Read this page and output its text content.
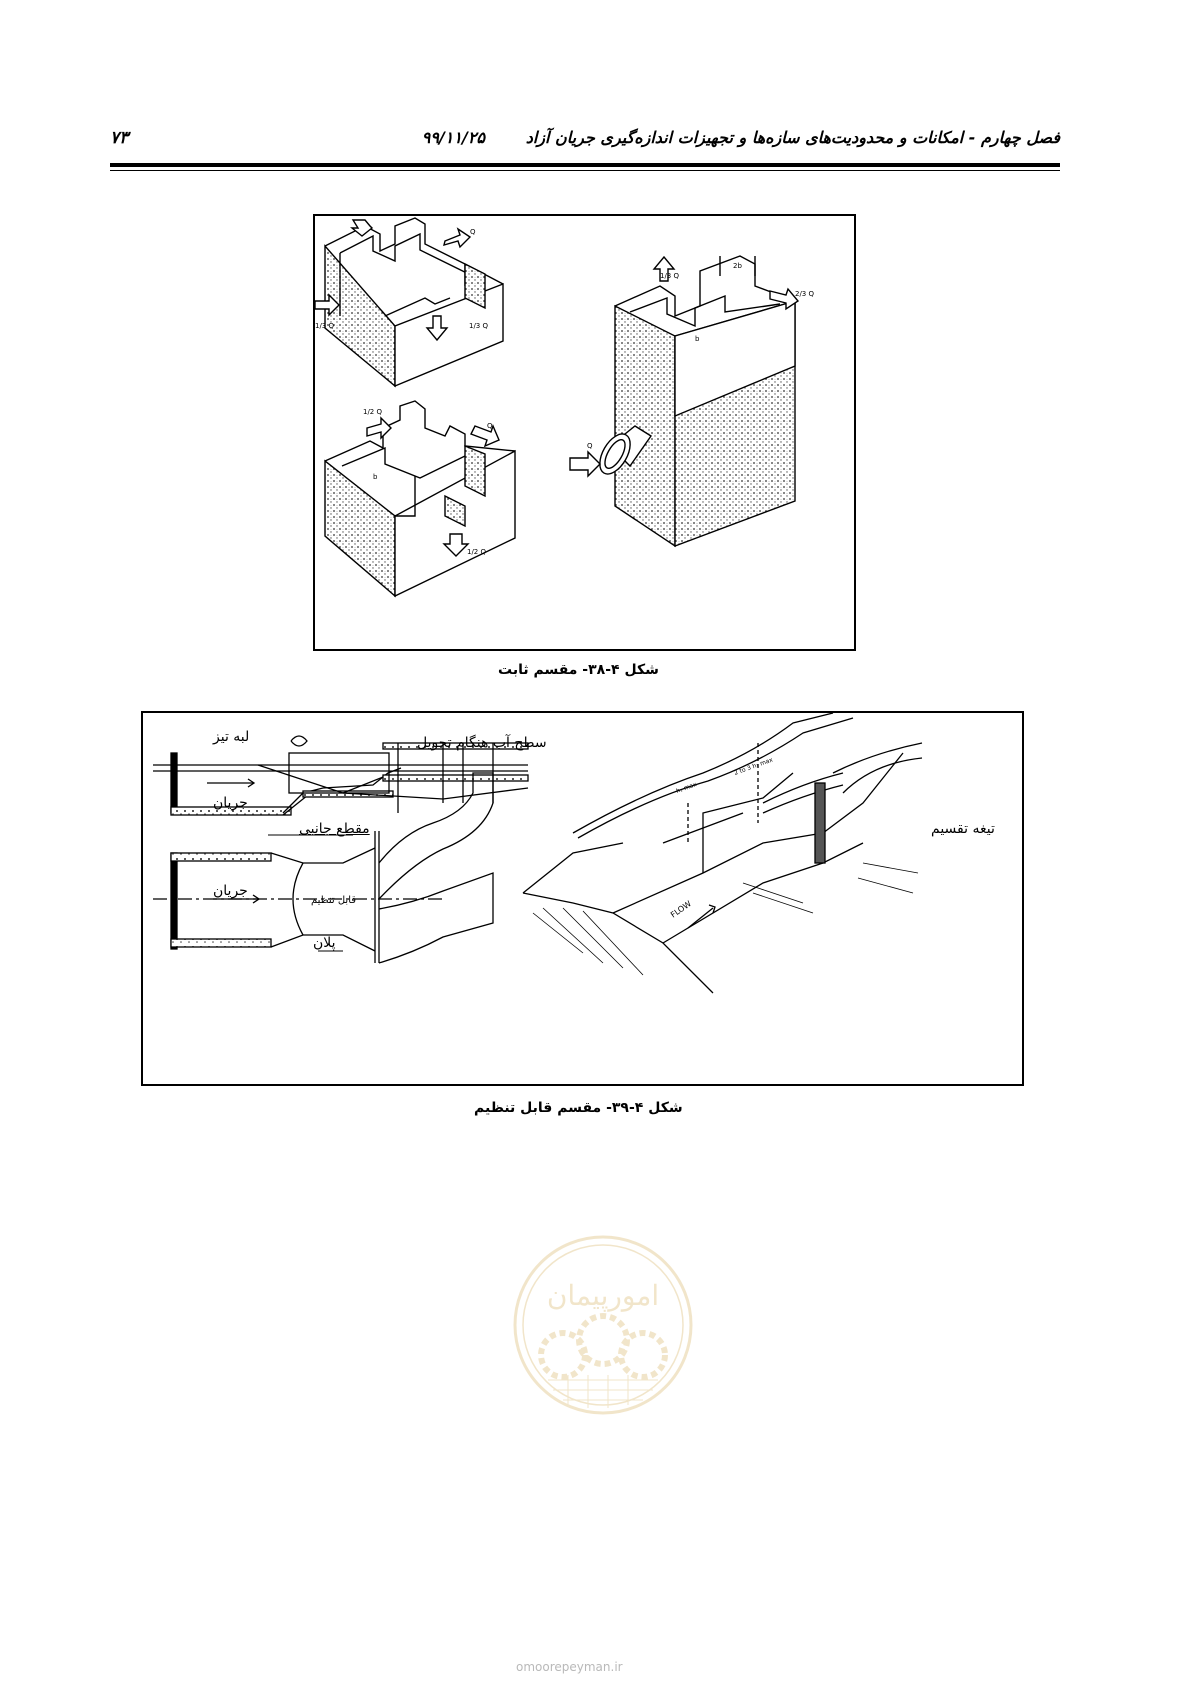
فصل چهارم - امکانات و محدودیت‌های سازه‌ها و تجهیزات اندازه‌گیری جریان آزاد
۹۹/۱۱/۲۵
۷۳
Q
1/3 Q	1/3 Q
1/2 Q
Q
1/2 Q
b
1/3 Q
2/3 Q
2b
b
Q
شکل ۴-۳۸- مقسم ثابت
h₁ max
2 to 3 h₁ max
FLOW
لبه تیز	سطح آب هنگام تحویل
جریان
مقطع جانبی
جریان
قابل تنظیم
پلان
تیغه تقسیم
شکل ۴-۳۹- مقسم قابل تنظیم
امورپیمان
omoorepeyman.ir
